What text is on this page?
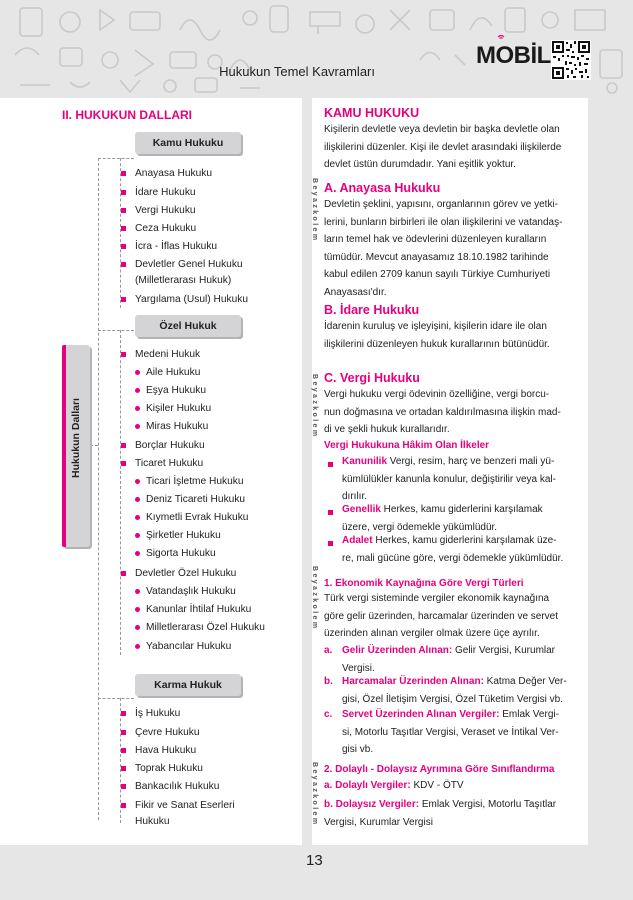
Hukukun Temel Kavramları
MOBİL
13
II. HUKUKUN DALLARI
Kamu Hukuku
Özel Hukuk
Karma Hukuk
Hukukun Dalları
Anayasa Hukuku
İdare Hukuku
Vergi Hukuku
Ceza Hukuku
İcra - İflas Hukuku
Devletler Genel Hukuku
(Milletlerarası Hukuk)
Yargılama (Usul) Hukuku
Medeni Hukuk
Aile Hukuku
Eşya Hukuku
Kişiler Hukuku
Miras Hukuku
Borçlar Hukuku
Ticaret Hukuku
Ticari İşletme Hukuku
Deniz Ticareti Hukuku
Kıymetli Evrak Hukuku
Şirketler Hukuku
Sigorta Hukuku
Devletler Özel Hukuku
Vatandaşlık Hukuku
Kanunlar İhtilaf Hukuku
Milletlerarası Özel Hukuku
Yabancılar Hukuku
İş Hukuku
Çevre Hukuku
Hava Hukuku
Toprak Hukuku
Bankacılık Hukuku
Fikir ve Sanat Eserleri
Hukuku
Beyazkolem
Beyazkolem
Beyazkolem
Beyazkolem
KAMU HUKUKU
Kişilerin devletle veya devletin bir başka devletle olan
ilişkilerini düzenler. Kişi ile devlet arasındaki ilişkilerde
devlet üstün durumdadır. Yani eşitlik yoktur.
A. Anayasa Hukuku
Devletin şeklini, yapısını, organlarının görev ve yetki-
lerini, bunların birbirleri ile olan ilişkilerini ve vatandaş-
ların temel hak ve ödevlerini düzenleyen kuralların
tümüdür. Mevcut anayasamız 18.10.1982 tarihinde
kabul edilen 2709 kanun sayılı Türkiye Cumhuriyeti
Anayasası'dır.
B. İdare Hukuku
İdarenin kuruluş ve işleyişini, kişilerin idare ile olan
ilişkilerini düzenleyen hukuk kurallarının bütünüdür.
C. Vergi Hukuku
Vergi hukuku vergi ödevinin özelliğine, vergi borcu-
nun doğmasına ve ortadan kaldırılmasına ilişkin mad-
di ve şekli hukuk kurallarıdır.
Vergi Hukukuna Hâkim Olan İlkeler
Kanunilik Vergi, resim, harç ve benzeri mali yü-
kümlülükler kanunla konulur, değiştirilir veya kal-
dırılır.
Genellik Herkes, kamu giderlerini karşılamak
üzere, vergi ödemekle yükümlüdür.
Adalet Herkes, kamu giderlerini karşılamak üze-
re, mali gücüne göre, vergi ödemekle yükümlüdür.
1. Ekonomik Kaynağına Göre Vergi Türleri
Türk vergi sisteminde vergiler ekonomik kaynağına
göre gelir üzerinden, harcamalar üzerinden ve servet
üzerinden alınan vergiler olmak üzere üçe ayrılır.
a. Gelir Üzerinden Alınan: Gelir Vergisi, Kurumlar
Vergisi.
b. Harcamalar Üzerinden Alınan: Katma Değer Ver-
gisi, Özel İletişim Vergisi, Özel Tüketim Vergisi vb.
c. Servet Üzerinden Alınan Vergiler: Emlak Vergi-
si, Motorlu Taşıtlar Vergisi, Veraset ve İntikal Ver-
gisi vb.
2. Dolaylı - Dolaysız Ayrımına Göre Sınıflandırma
a. Dolaylı Vergiler: KDV - ÖTV
b. Dolaysız Vergiler: Emlak Vergisi, Motorlu Taşıtlar
Vergisi, Kurumlar Vergisi
